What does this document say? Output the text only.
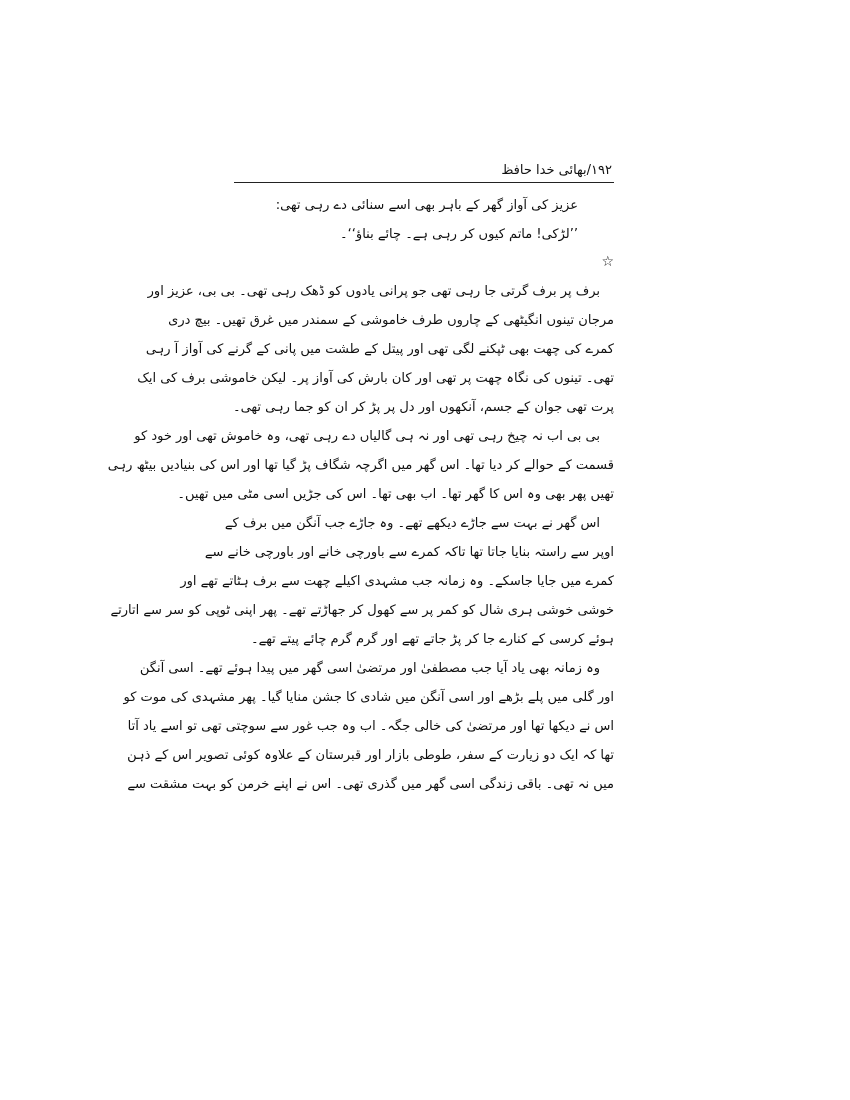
۱۹۲/بھائی خدا حافظ
عزیز کی آواز گھر کے باہر بھی اسے سنائی دے رہی تھی:
’’لڑکی! ماتم کیوں کر رہی ہے۔ چائے بناؤ‘‘۔
☆
برف پر برف گرتی جا رہی تھی جو پرانی یادوں کو ڈھک رہی تھی۔ بی بی، عزیز اور
مرجان تینوں انگیٹھی کے چاروں طرف خاموشی کے سمندر میں غرق تھیں۔ بیچ دری
کمرے کی چھت بھی ٹپکنے لگی تھی اور پیتل کے طشت میں پانی کے گرنے کی آواز آ رہی
تھی۔ تینوں کی نگاہ چھت پر تھی اور کان بارش کی آواز پر۔ لیکن خاموشی برف کی ایک
پرت تھی جوان کے جسم، آنکھوں اور دل پر پڑ کر ان کو جما رہی تھی۔
بی بی اب نہ چیخ رہی تھی اور نہ ہی گالیاں دے رہی تھی، وہ خاموش تھی اور خود کو
قسمت کے حوالے کر دیا تھا۔ اس گھر میں اگرچہ شگاف پڑ گیا تھا اور اس کی بنیادیں بیٹھ رہی
تھیں پھر بھی وہ اس کا گھر تھا۔ اب بھی تھا۔ اس کی جڑیں اسی مٹی میں تھیں۔
اس گھر نے بہت سے جاڑے دیکھے تھے۔ وہ جاڑے جب آنگن میں برف کے
اوپر سے راستہ بنایا جاتا تھا تاکہ کمرے سے باورچی خانے اور باورچی خانے سے
کمرے میں جایا جاسکے۔ وہ زمانہ جب مشہدی اکیلے چھت سے برف ہٹاتے تھے اور
خوشی خوشی ہری شال کو کمر پر سے کھول کر جھاڑتے تھے۔ پھر اپنی ٹوپی کو سر سے اتارتے
ہوئے کرسی کے کنارے جا کر پڑ جاتے تھے اور گرم گرم چائے پیتے تھے۔
وہ زمانہ بھی یاد آیا جب مصطفیٰ اور مرتضیٰ اسی گھر میں پیدا ہوئے تھے۔ اسی آنگن
اور گلی میں پلے بڑھے اور اسی آنگن میں شادی کا جشن منایا گیا۔ پھر مشہدی کی موت کو
اس نے دیکھا تھا اور مرتضیٰ کی خالی جگہ۔ اب وہ جب غور سے سوچتی تھی تو اسے یاد آتا
تھا کہ ایک دو زیارت کے سفر، طوطی بازار اور قبرستان کے علاوہ کوئی تصویر اس کے ذہن
میں نہ تھی۔ باقی زندگی اسی گھر میں گذری تھی۔ اس نے اپنے خرمن کو بہت مشقت سے
